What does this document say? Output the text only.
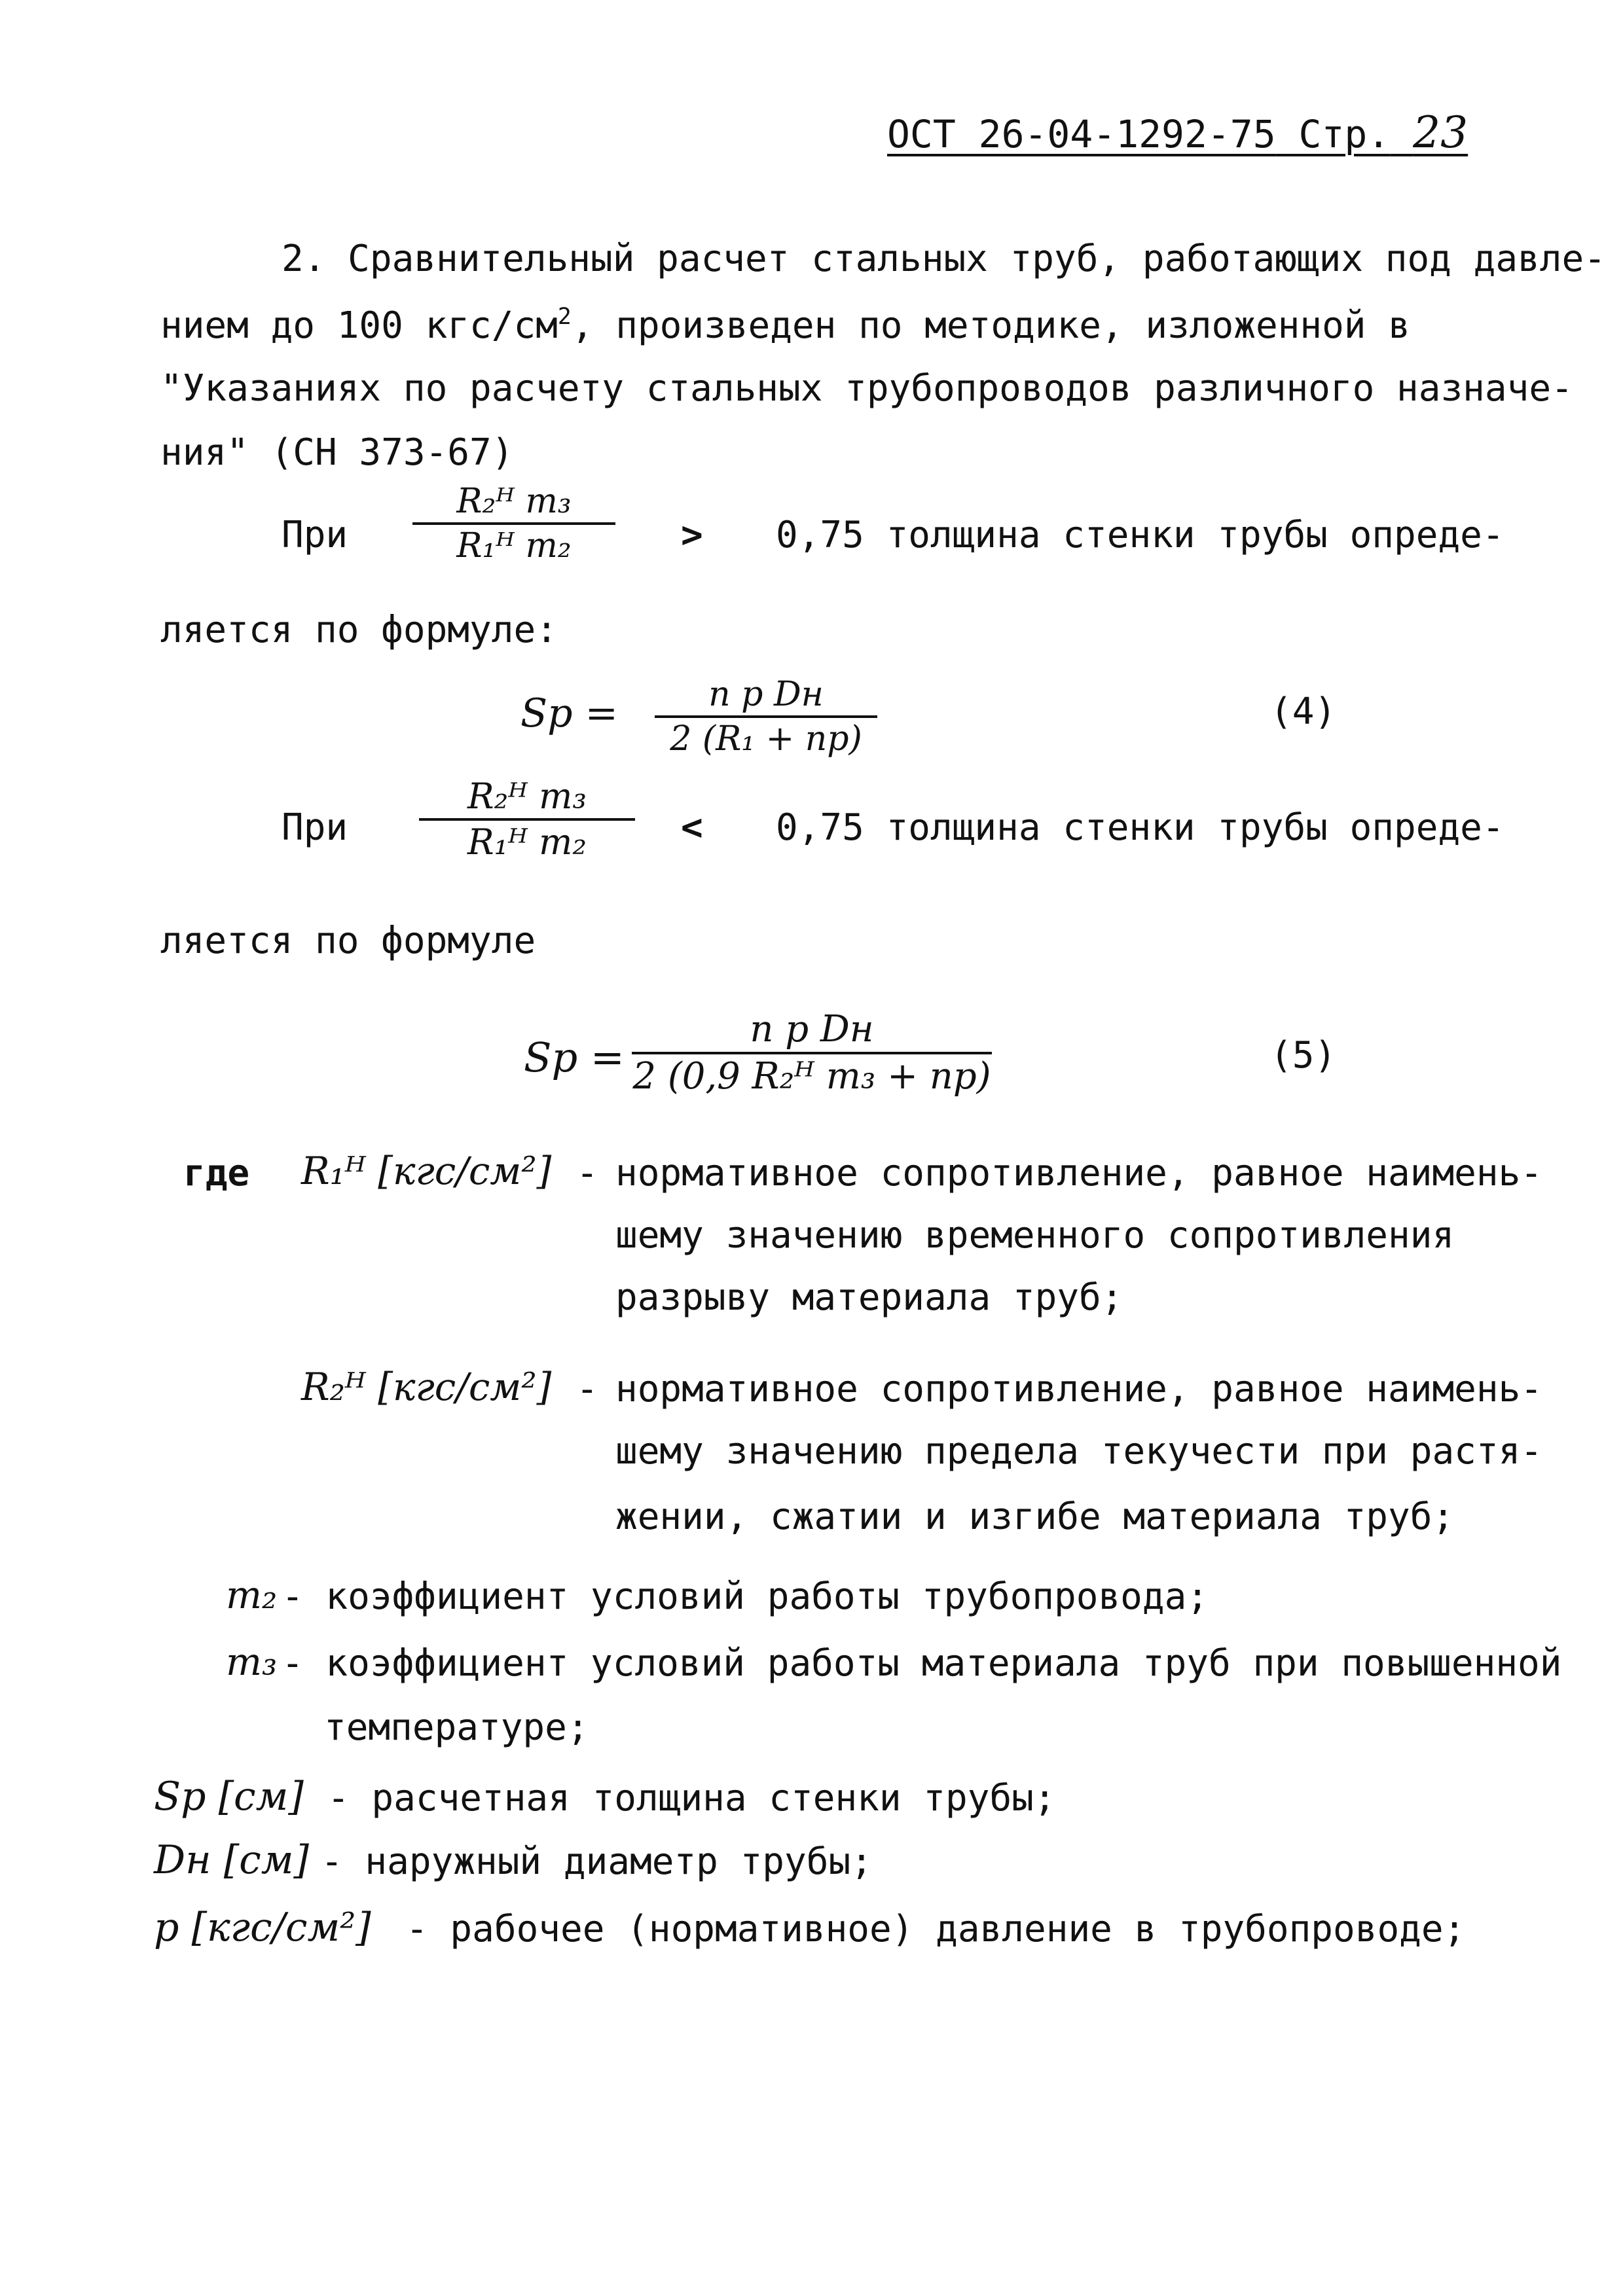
ОСТ 26-04-1292-75 Стр. 23
2. Сравнительный расчет стальных труб, работающих под давле-
нием до 100 кгс/$см^2$, произведен по методике, изложенной в
"Указаниях по расчету стальных трубопроводов различного назначе-
ния" (СН 373-67)
При
R₂ᴴ m₃
R₁ᴴ m₂	> 0,75 толщина стенки трубы опреде-
ляется по формуле:
Sр =	n p Dн
2 (R₁ + np)
(4)
При
R₂ᴴ m₃
R₁ᴴ m₂	< 0,75 толщина стенки трубы опреде-
ляется по формуле
Sр =
n p Dн
2 (0,9 R₂ᴴ m₃ + np)	(5)
где R₁ᴴ [кгс/см²] - нормативное сопротивление, равное наимень-
шему значению временного сопротивления
разрыву материала труб;
R₂ᴴ [кгс/см²] - нормативное сопротивление, равное наимень-
шему значению предела текучести при растя-
жении, сжатии и изгибе материала труб;
m₂ - коэффициент условий работы трубопровода;
m₃ - коэффициент условий работы материала труб при повышенной
температуре;
Sр [см] - расчетная толщина стенки трубы;
Dн [см] - наружный диаметр трубы;
p [кгс/см²] - рабочее (нормативное) давление в трубопроводе;
